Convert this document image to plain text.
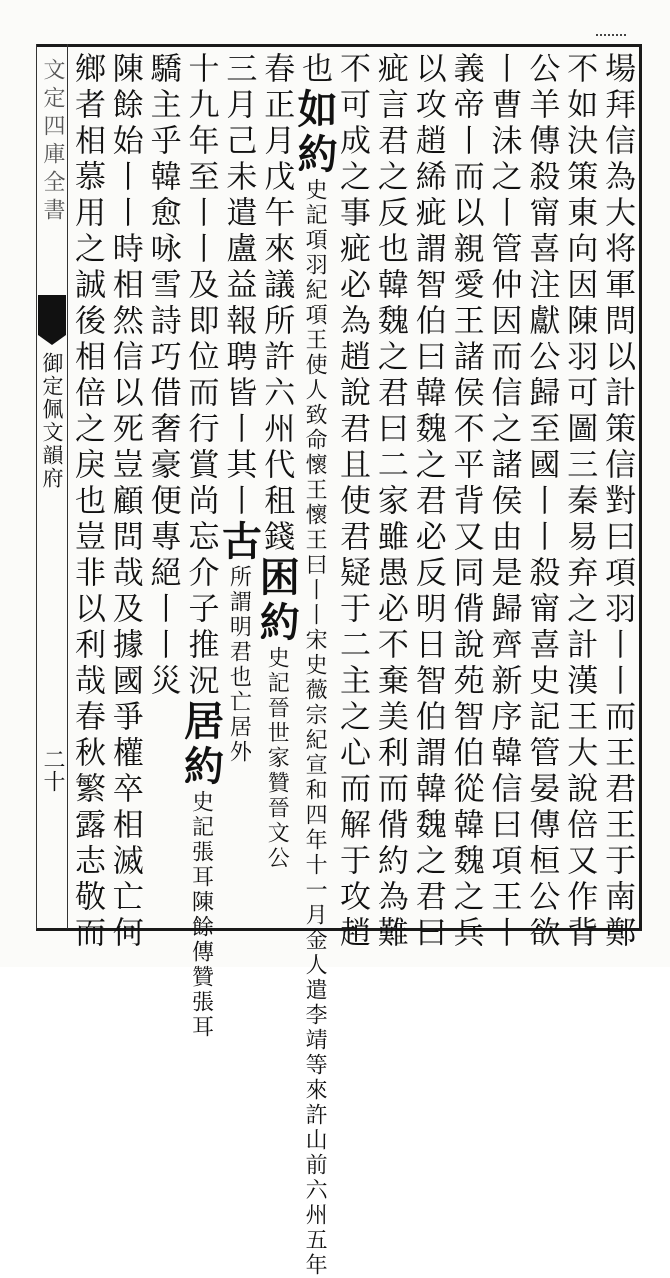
文定四庫全書
御定佩文韻府
二十	場拜信為大将軍問以計策信對曰項羽丨丨而王君王于南鄭
不如決策東向因陳羽可圖三秦易弃之計漢王大說倍又作背
公羊傳殺甯喜注獻公歸至國丨丨殺甯喜史記管晏傳桓公欲
丨曹沬之丨管仲因而信之諸侯由是歸齊新序韓信曰項王丨
義帝丨而以親愛王諸侯不平背又同偝說苑智伯從韓魏之兵
以攻趙絺疵謂智伯曰韓魏之君必反明日智伯謂韓魏之君曰
疵言君之反也韓魏之君曰二家雖愚必不棄美利而偝約為難
不可成之事疵必為趙說君且使君疑于二主之心而解于攻趙
也如約史記項羽紀項王使人致命懷王懷王曰丨丨宋史薇宗紀宣和四年十一月金人遣李靖等來許山前六州五年
春正月戊午來議所許六州代租錢困約史記晉世家贊晉文公
三月己未遣盧益報聘皆丨其丨古所謂明君也亡居外
十九年至丨丨及即位而行賞尚忘介子推況居約史記張耳陳餘傳贊張耳
驕主乎韓愈咏雪詩巧借奢豪便專絕丨丨災
陳餘始丨丨時相然信以死豈顧問哉及據國爭權卒相滅亡何
鄉者相慕用之誠後相倍之戾也豈非以利哉春秋繁露志敬而
